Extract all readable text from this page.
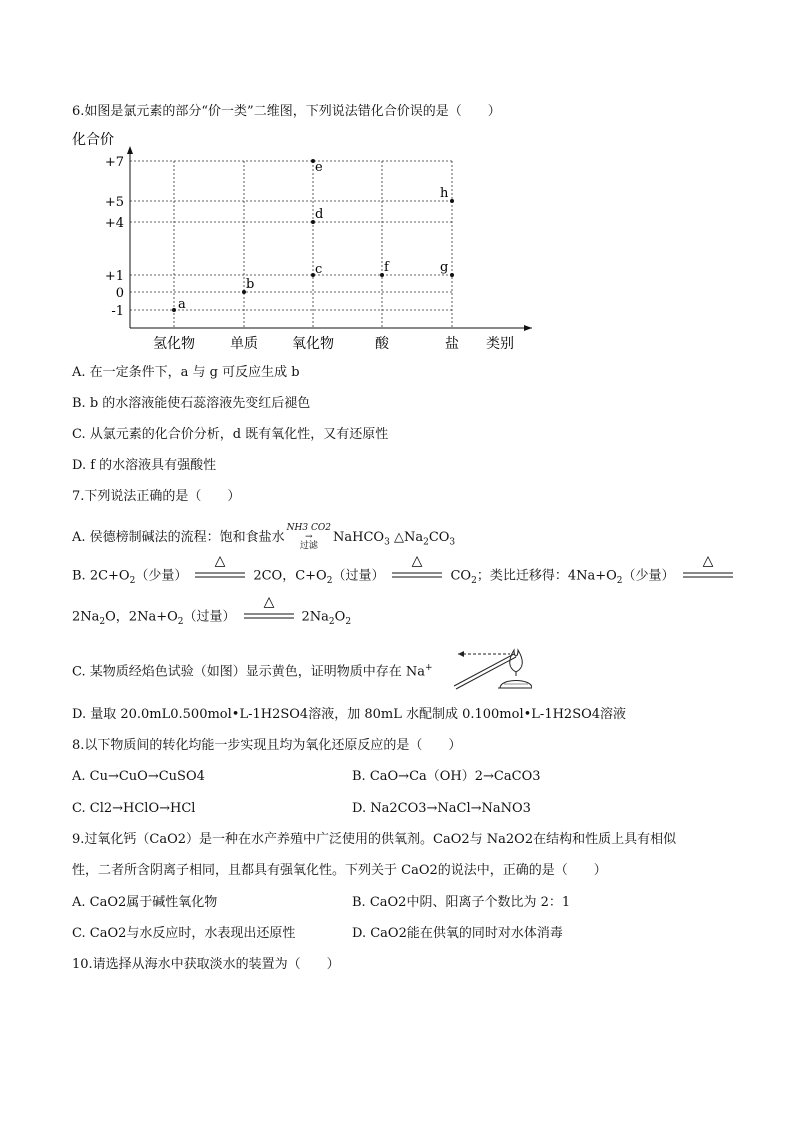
6.如图是氯元素的部分“价一类”二维图，下列说法错化合价误的是（　　）
化合价
+7
+5
+4
+1
0
-1
氢化物	单质 氧化物	酸	盐 类别
a
b
c
d
e
f	g
h
A. 在一定条件下，a 与 g 可反应生成 b
B. b 的水溶液能使石蕊溶液先变红后褪色
C. 从氯元素的化合价分析，d 既有氧化性，又有还原性
D. f 的水溶液具有强酸性
7.下列说法正确的是（　　）
A. 侯德榜制碱法的流程：饱和食盐水
NH3 CO2
→
过滤
NaHCO$_3$ $\triangle Na_2CO_3$
B. $2C+O_2$（少量）
△
2CO，$C+O_2$（过量）
△
$CO_2$；类比迁移得：$4Na+O_2$（少量）
△
$2Na_2O$，$2Na+O_2$（过量）
△
$2Na_2O_2$
C. 某物质经焰色试验（如图）显示黄色，证明物质中存在 Na+
D. 量取 20.0mL0.500mol•L-1H2SO4溶液，加 80mL 水配制成 0.100mol•L-1H2SO4溶液
8.以下物质间的转化均能一步实现且均为氧化还原反应的是（　　）
A. Cu→CuO→CuSO4	B. CaO→Ca（OH）2→CaCO3
C. Cl2→HClO→HCl	D. Na2CO3→NaCl→NaNO3
9.过氧化钙（CaO2）是一种在水产养殖中广泛使用的供氧剂。CaO2与 Na2O2在结构和性质上具有相似
性，二者所含阴离子相同，且都具有强氧化性。下列关于 CaO2的说法中，正确的是（　　）
A. CaO2属于碱性氧化物	B. CaO2中阴、阳离子个数比为 2：1
C. CaO2与水反应时，水表现出还原性	D. CaO2能在供氧的同时对水体消毒
10.请选择从海水中获取淡水的装置为（　　）
